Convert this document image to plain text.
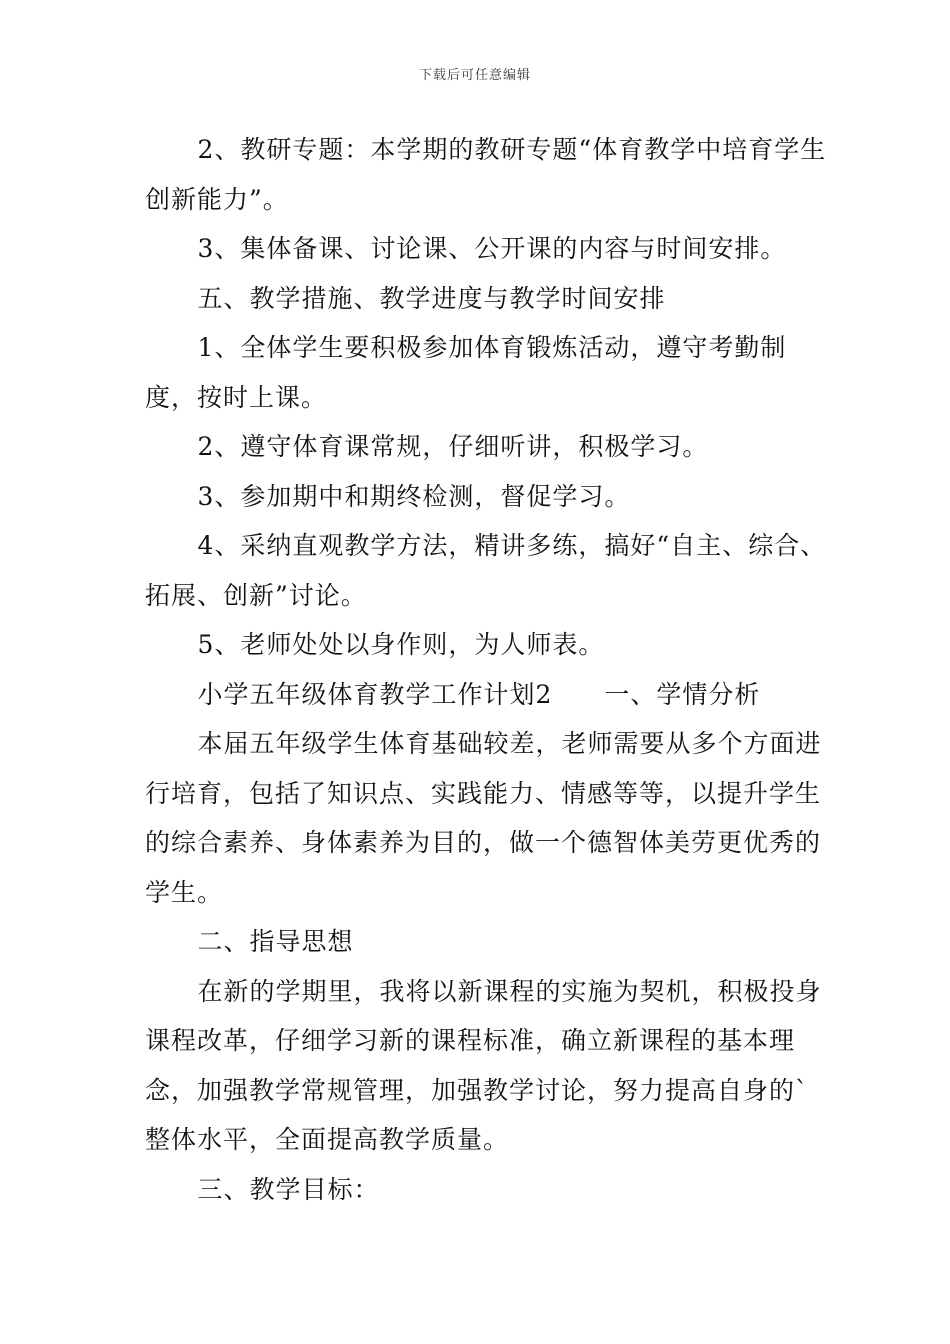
下载后可任意编辑

2、教研专题：本学期的教研专题“体育教学中培育学生创新能力”。

3、集体备课、讨论课、公开课的内容与时间安排。

五、教学措施、教学进度与教学时间安排

1、全体学生要积极参加体育锻炼活动，遵守考勤制度，按时上课。

2、遵守体育课常规，仔细听讲，积极学习。

3、参加期中和期终检测，督促学习。

4、采纳直观教学方法，精讲多练，搞好“自主、综合、拓展、创新”讨论。

5、老师处处以身作则，为人师表。

小学五年级体育教学工作计划2　　一、学情分析

本届五年级学生体育基础较差，老师需要从多个方面进行培育，包括了知识点、实践能力、情感等等，以提升学生的综合素养、身体素养为目的，做一个德智体美劳更优秀的学生。

二、指导思想

在新的学期里，我将以新课程的实施为契机，积极投身课程改革，仔细学习新的课程标准，确立新课程的基本理念，加强教学常规管理，加强教学讨论，努力提高自身的`整体水平，全面提高教学质量。

三、教学目标：
